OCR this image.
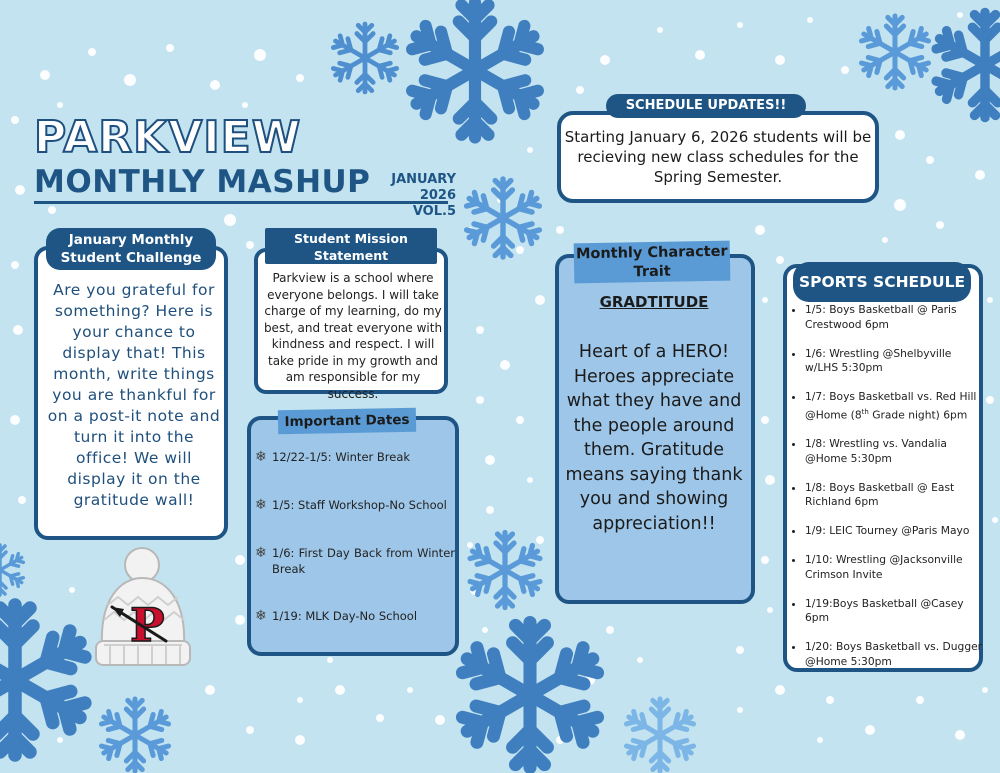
PARKVIEW
MONTHLY MASHUP	JANUARY 2026
VOL.5
January Monthly
Student Challenge
Are you grateful for something? Here is your chance to display that! This month, write things you are thankful for on a post-it note and turn it into the office! We will display it on the gratitude wall!
P
Student Mission
Statement
Parkview is a school where everyone belongs. I will take charge of my learning, do my best, and treat everyone with kindness and respect. I will take pride in my growth and am responsible for my success.
Important Dates
❄ 12/22-1/5: Winter Break
❄ 1/5: Staff Workshop-No School
❄ 1/6: First Day Back from Winter Break
❄ 1/19: MLK Day-No School
SCHEDULE UPDATES!!
Starting January 6, 2026 students will be recieving new class schedules for the Spring Semester.
Monthly Character
Trait
GRADTITUDE
Heart of a HERO! Heroes appreciate what they have and the people around them. Gratitude means saying thank you and showing appreciation!!
SPORTS SCHEDULE
• 1/5: Boys Basketball @ Paris Crestwood 6pm
• 1/6: Wrestling @Shelbyville w/LHS 5:30pm
• 1/7: Boys Basketball vs. Red Hill @Home (8th Grade night) 6pm
• 1/8: Wrestling vs. Vandalia @Home 5:30pm
• 1/8: Boys Basketball @ East Richland 6pm
• 1/9: LEIC Tourney @Paris Mayo
• 1/10: Wrestling @Jacksonville Crimson Invite
• 1/19:Boys Basketball @Casey 6pm
• 1/20: Boys Basketball vs. Dugger @Home 5:30pm
